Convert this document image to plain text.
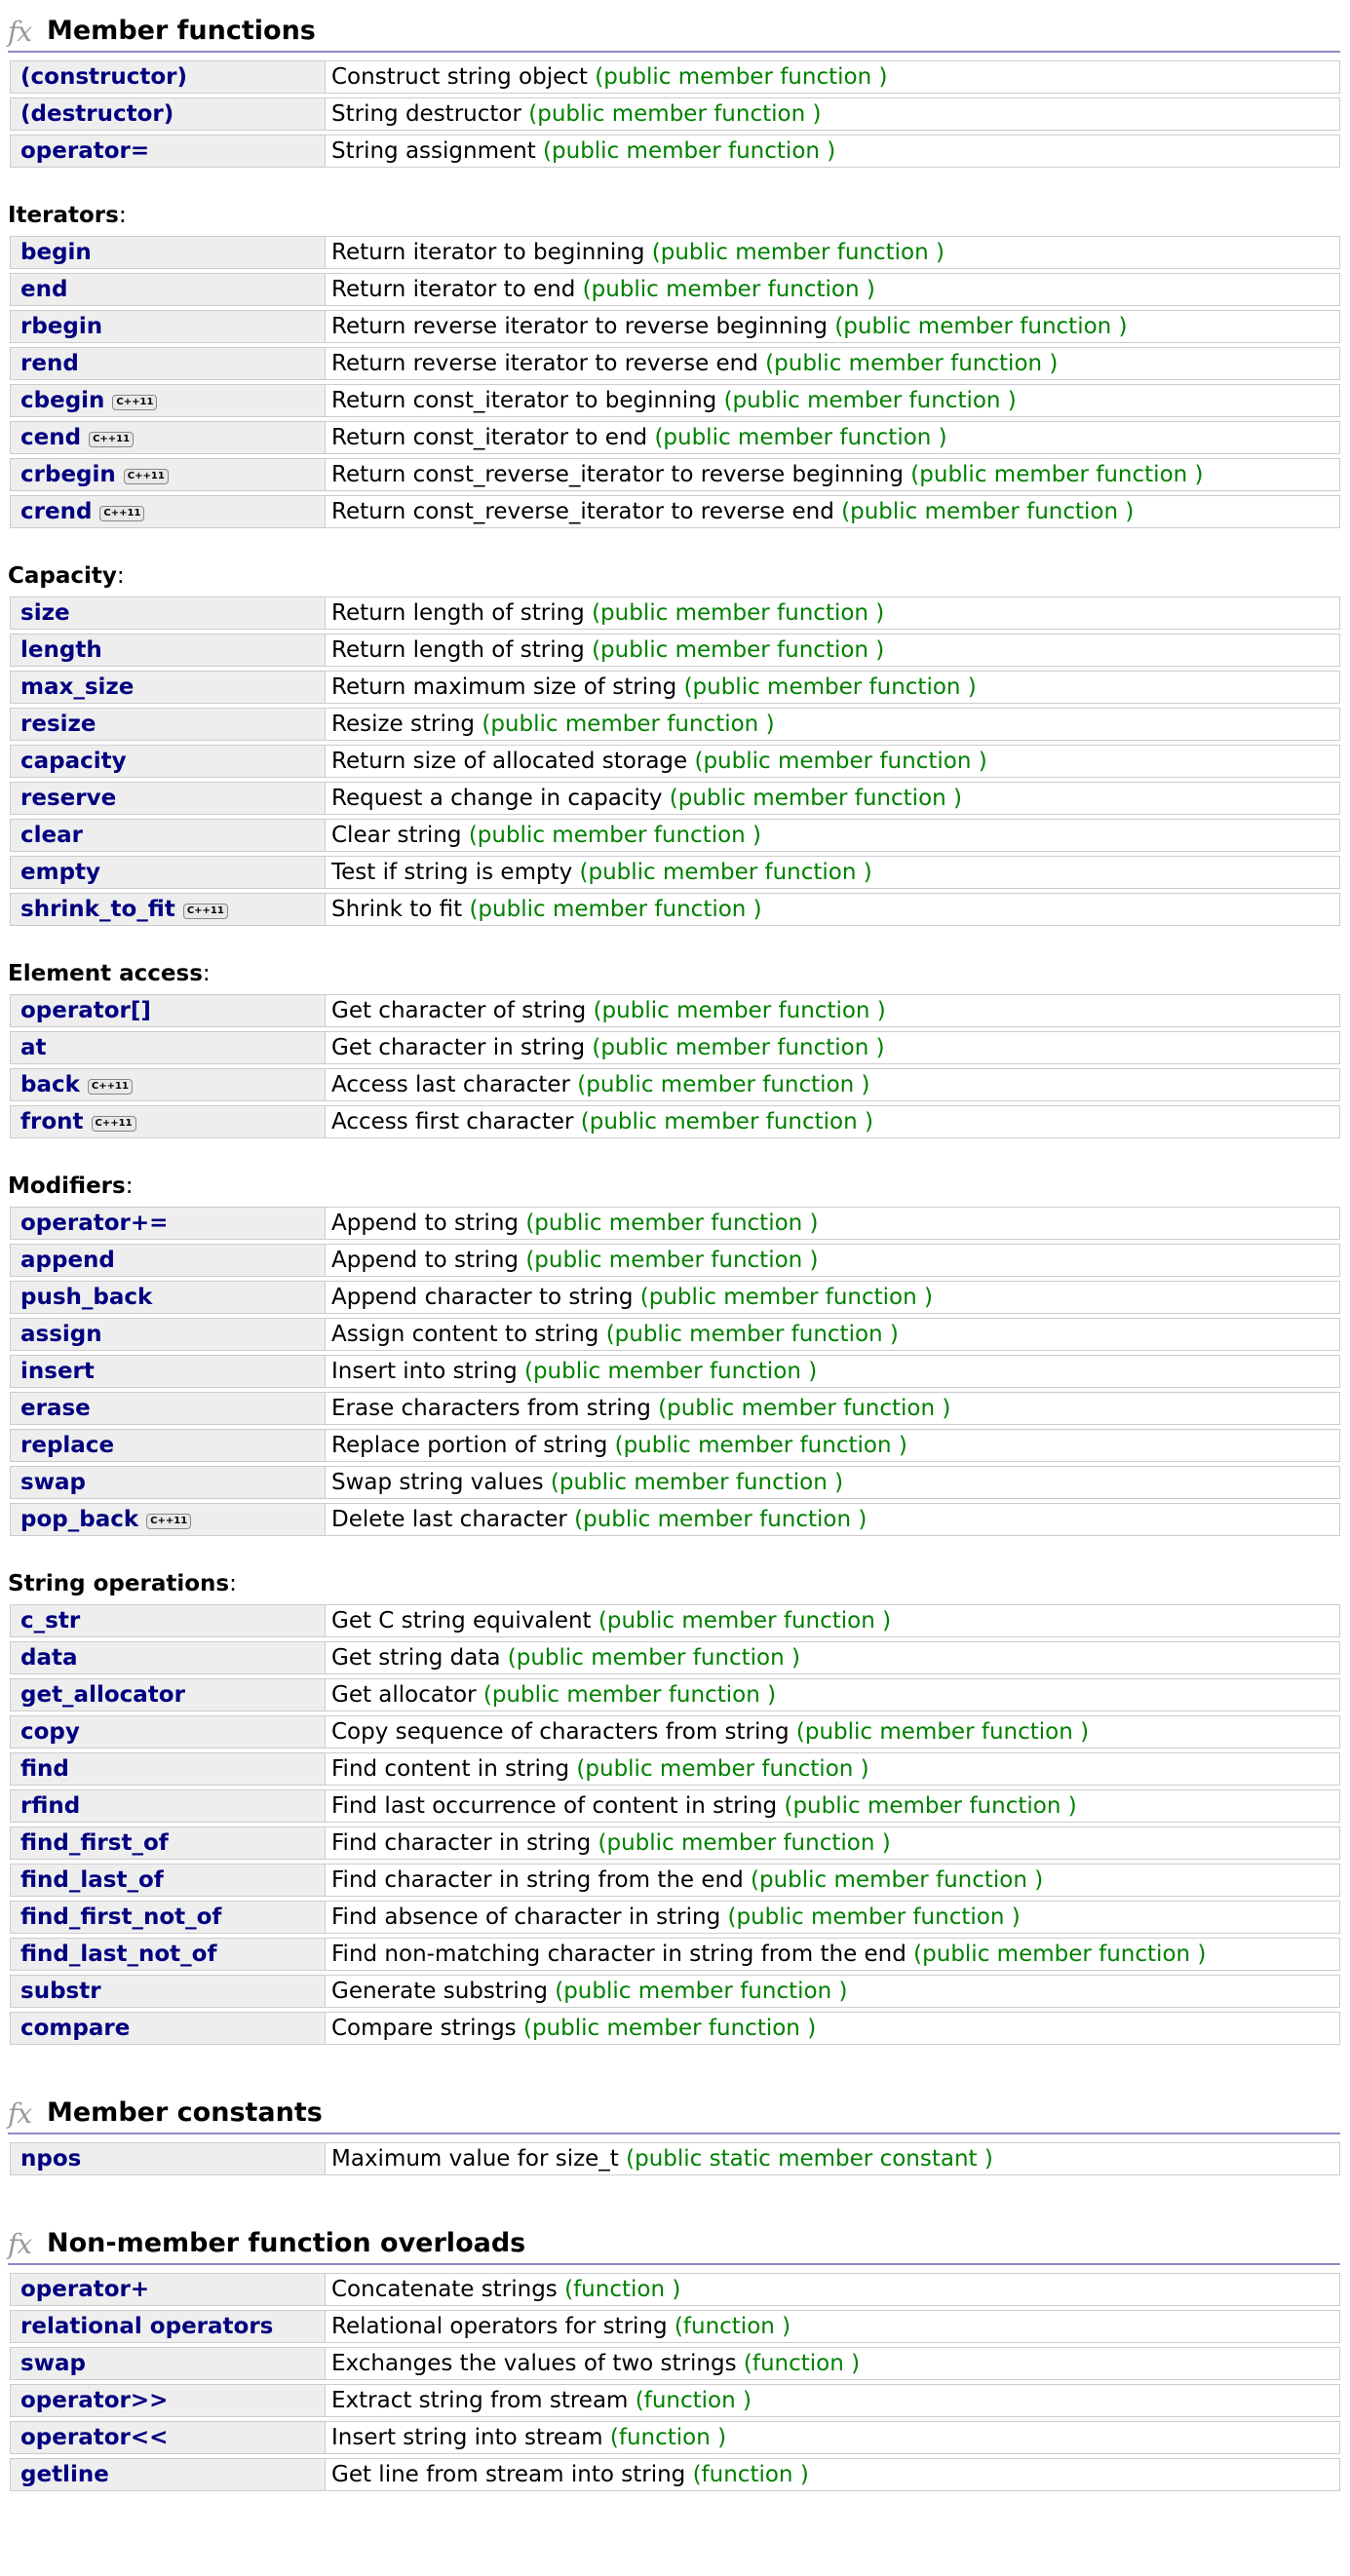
fx Member functions
(constructor)	Construct string object (public member function )
(destructor)	String destructor (public member function )
operator=	String assignment (public member function )
Iterators:
begin	Return iterator to beginning (public member function )
end	Return iterator to end (public member function )
rbegin	Return reverse iterator to reverse beginning (public member function )
rend	Return reverse iterator to reverse end (public member function )
cbegin C++11	Return const_iterator to beginning (public member function )
cend C++11	Return const_iterator to end (public member function )
crbegin C++11	Return const_reverse_iterator to reverse beginning (public member function )
crend C++11	Return const_reverse_iterator to reverse end (public member function )
Capacity:
size	Return length of string (public member function )
length	Return length of string (public member function )
max_size	Return maximum size of string (public member function )
resize	Resize string (public member function )
capacity	Return size of allocated storage (public member function )
reserve	Request a change in capacity (public member function )
clear	Clear string (public member function )
empty	Test if string is empty (public member function )
shrink_to_fit C++11	Shrink to fit (public member function )
Element access:
operator[]	Get character of string (public member function )
at	Get character in string (public member function )
back C++11	Access last character (public member function )
front C++11	Access first character (public member function )
Modifiers:
operator+=	Append to string (public member function )
append	Append to string (public member function )
push_back	Append character to string (public member function )
assign	Assign content to string (public member function )
insert	Insert into string (public member function )
erase	Erase characters from string (public member function )
replace	Replace portion of string (public member function )
swap	Swap string values (public member function )
pop_back C++11	Delete last character (public member function )
String operations:
c_str	Get C string equivalent (public member function )
data	Get string data (public member function )
get_allocator	Get allocator (public member function )
copy	Copy sequence of characters from string (public member function )
find	Find content in string (public member function )
rfind	Find last occurrence of content in string (public member function )
find_first_of	Find character in string (public member function )
find_last_of	Find character in string from the end (public member function )
find_first_not_of	Find absence of character in string (public member function )
find_last_not_of	Find non-matching character in string from the end (public member function )
substr	Generate substring (public member function )
compare	Compare strings (public member function )
fx Member constants
npos	Maximum value for size_t (public static member constant )
fx Non-member function overloads
operator+	Concatenate strings (function )
relational operators	Relational operators for string (function )
swap	Exchanges the values of two strings (function )
operator>>	Extract string from stream (function )
operator<<	Insert string into stream (function )
getline	Get line from stream into string (function )
